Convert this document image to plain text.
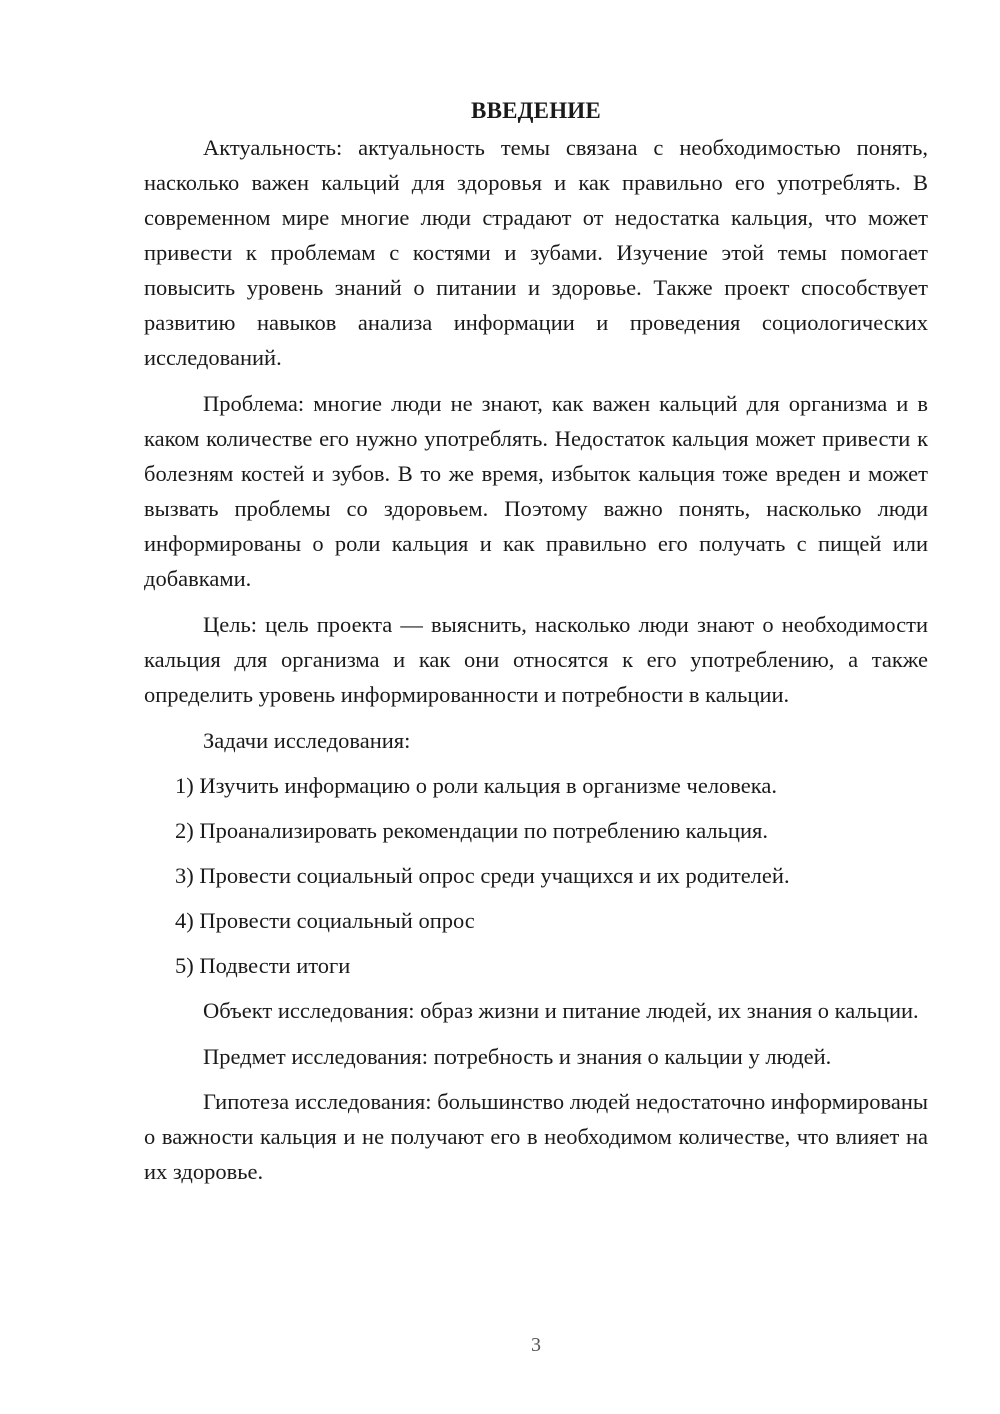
ВВЕДЕНИЕ

Актуальность: актуальность темы связана с необходимостью понять, насколько важен кальций для здоровья и как правильно его употреблять. В современном мире многие люди страдают от недостатка кальция, что может привести к проблемам с костями и зубами. Изучение этой темы помогает повысить уровень знаний о питании и здоровье. Также проект способствует развитию навыков анализа информации и проведения социологических исследований.

Проблема: многие люди не знают, как важен кальций для организма и в каком количестве его нужно употреблять. Недостаток кальция может привести к болезням костей и зубов. В то же время, избыток кальция тоже вреден и может вызвать проблемы со здоровьем. Поэтому важно понять, насколько люди информированы о роли кальция и как правильно его получать с пищей или добавками.

Цель: цель проекта — выяснить, насколько люди знают о необходимости кальция для организма и как они относятся к его употреблению, а также определить уровень информированности и потребности в кальции.

Задачи исследования:
1) Изучить информацию о роли кальция в организме человека.
2) Проанализировать рекомендации по потреблению кальция.
3) Провести социальный опрос среди учащихся и их родителей.
4) Провести социальный опрос
5) Подвести итоги

Объект исследования: образ жизни и питание людей, их знания о кальции.

Предмет исследования: потребность и знания о кальции у людей.

Гипотеза исследования: большинство людей недостаточно информированы о важности кальция и не получают его в необходимом количестве, что влияет на их здоровье.

3
